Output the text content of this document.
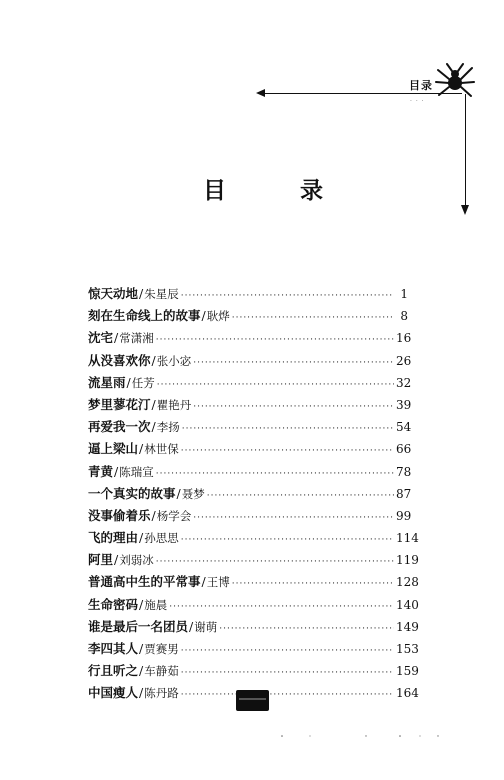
目录
· · ·
目	录
惊天动地 / 朱星辰 ·····	1
刻在生命线上的故事 / 耿烨 ·····	8
沈宅 / 常潇湘 ·····	16
从没喜欢你 / 张小宓 ·····	26
流星雨 / 任芳 ·····	32
梦里蓼花汀 / 瞿艳丹 ·····	39
再爱我一次 / 李扬 ·····	54
逼上梁山 / 林世保 ·····	66
青黄 / 陈瑞宣 ·····	78
一个真实的故事 / 聂梦 ·····	87
没事偷着乐 / 杨学会 ·····	99
飞的理由 / 孙思思 ·····	114
阿里 / 刘弱冰 ·····	119
普通高中生的平常事 / 王博 ·····	128
生命密码 / 施晨 ·····	140
谁是最后一名团员 / 谢萌 ·····	149
李四其人 / 贾赛男 ·····	153
行且听之 / 车静茹 ·····	159
中国瘦人 / 陈丹路 ·····	164
